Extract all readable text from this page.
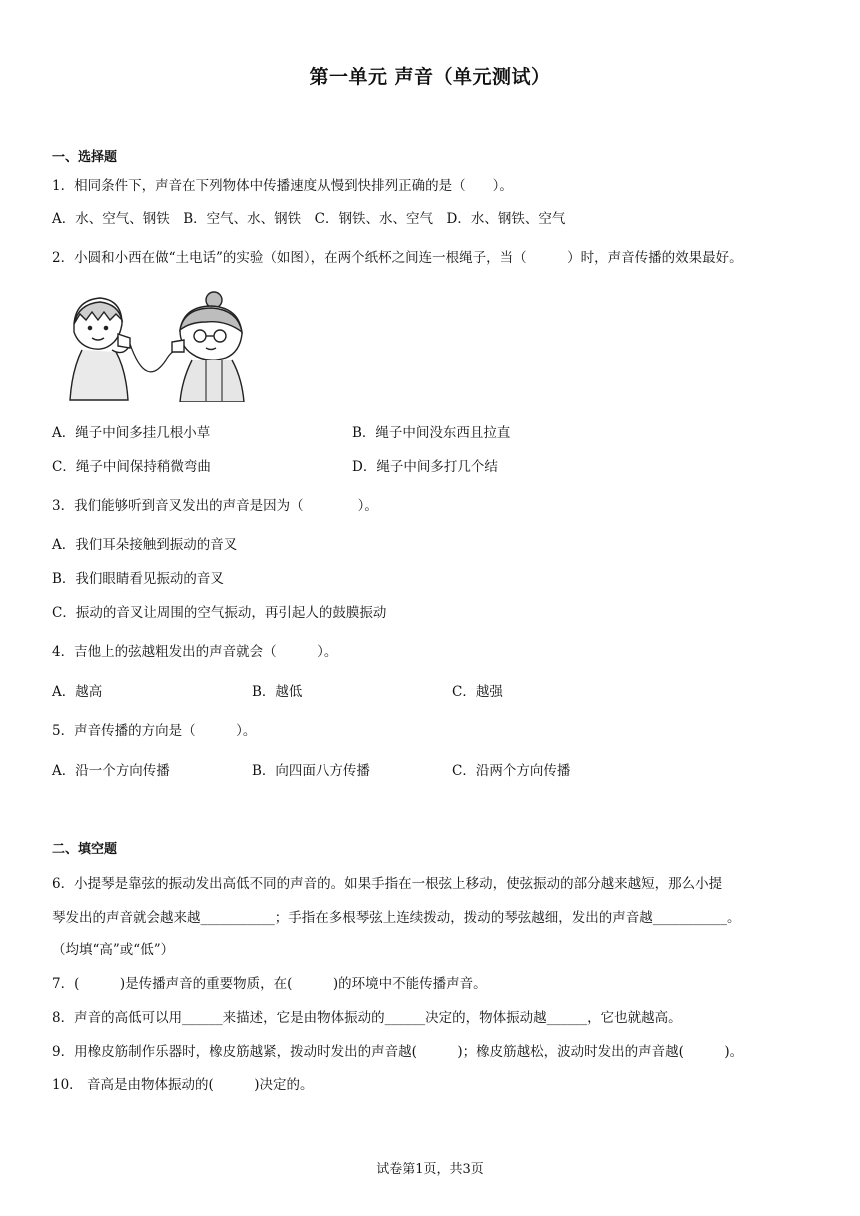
第一单元 声音（单元测试）
一、选择题
1．相同条件下，声音在下列物体中传播速度从慢到快排列正确的是（　　）。
A．水、空气、钢铁　B．空气、水、钢铁　C．钢铁、水、空气　D．水、钢铁、空气
2．小圆和小西在做“土电话”的实验（如图），在两个纸杯之间连一根绳子，当（　　　）时，声音传播的效果最好。
A．绳子中间多挂几根小草	B．绳子中间没东西且拉直
C．绳子中间保持稍微弯曲	D．绳子中间多打几个结
3．我们能够听到音叉发出的声音是因为（　　　　）。
A．我们耳朵接触到振动的音叉
B．我们眼睛看见振动的音叉
C．振动的音叉让周围的空气振动，再引起人的鼓膜振动
4．吉他上的弦越粗发出的声音就会（　　　）。
A．越高	B．越低	C．越强
5．声音传播的方向是（　　　）。
A．沿一个方向传播	B．向四面八方传播	C．沿两个方向传播
二、填空题
6．小提琴是靠弦的振动发出高低不同的声音的。如果手指在一根弦上移动，使弦振动的部分越来越短，那么小提
琴发出的声音就会越来越___________；手指在多根琴弦上连续拨动，拨动的琴弦越细，发出的声音越___________。
（均填“高”或“低”）
7．(　　　)是传播声音的重要物质，在(　　　)的环境中不能传播声音。
8．声音的高低可以用______来描述，它是由物体振动的______决定的，物体振动越______，它也就越高。
9．用橡皮筋制作乐器时，橡皮筋越紧，拨动时发出的声音越(　　　)；橡皮筋越松，波动时发出的声音越(　　　)。
10． 音高是由物体振动的(　　　)决定的。
试卷第1页，共3页
